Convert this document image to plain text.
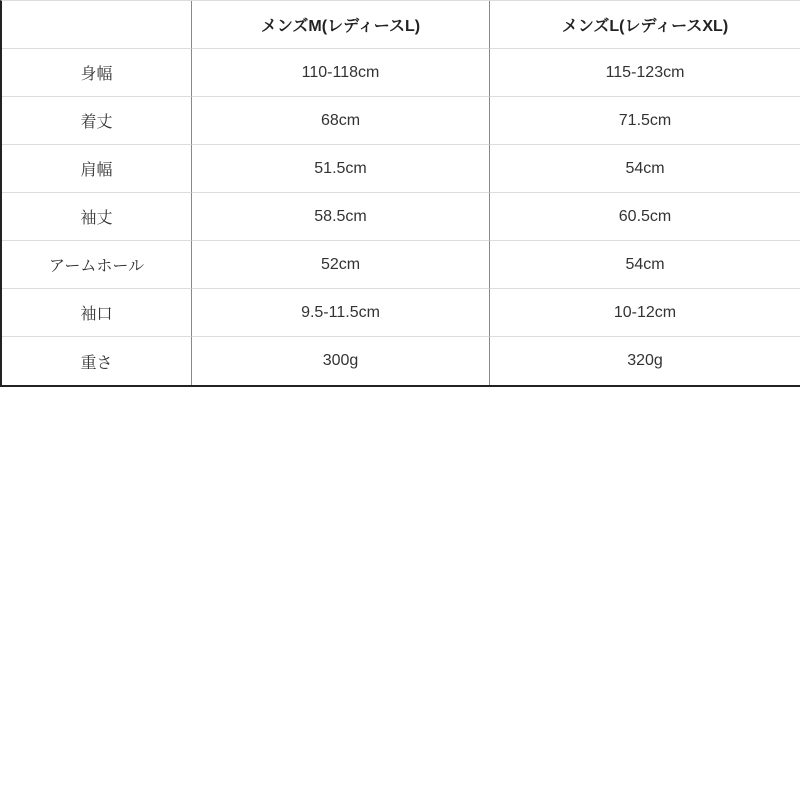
	メンズM(レディースL)	メンズL(レディースXL)
身幅	110-118cm	115-123cm
着丈	68cm	71.5cm
肩幅	51.5cm	54cm
袖丈	58.5cm	60.5cm
アームホール	52cm	54cm
袖口	9.5-11.5cm	10-12cm
重さ	300g	320g
